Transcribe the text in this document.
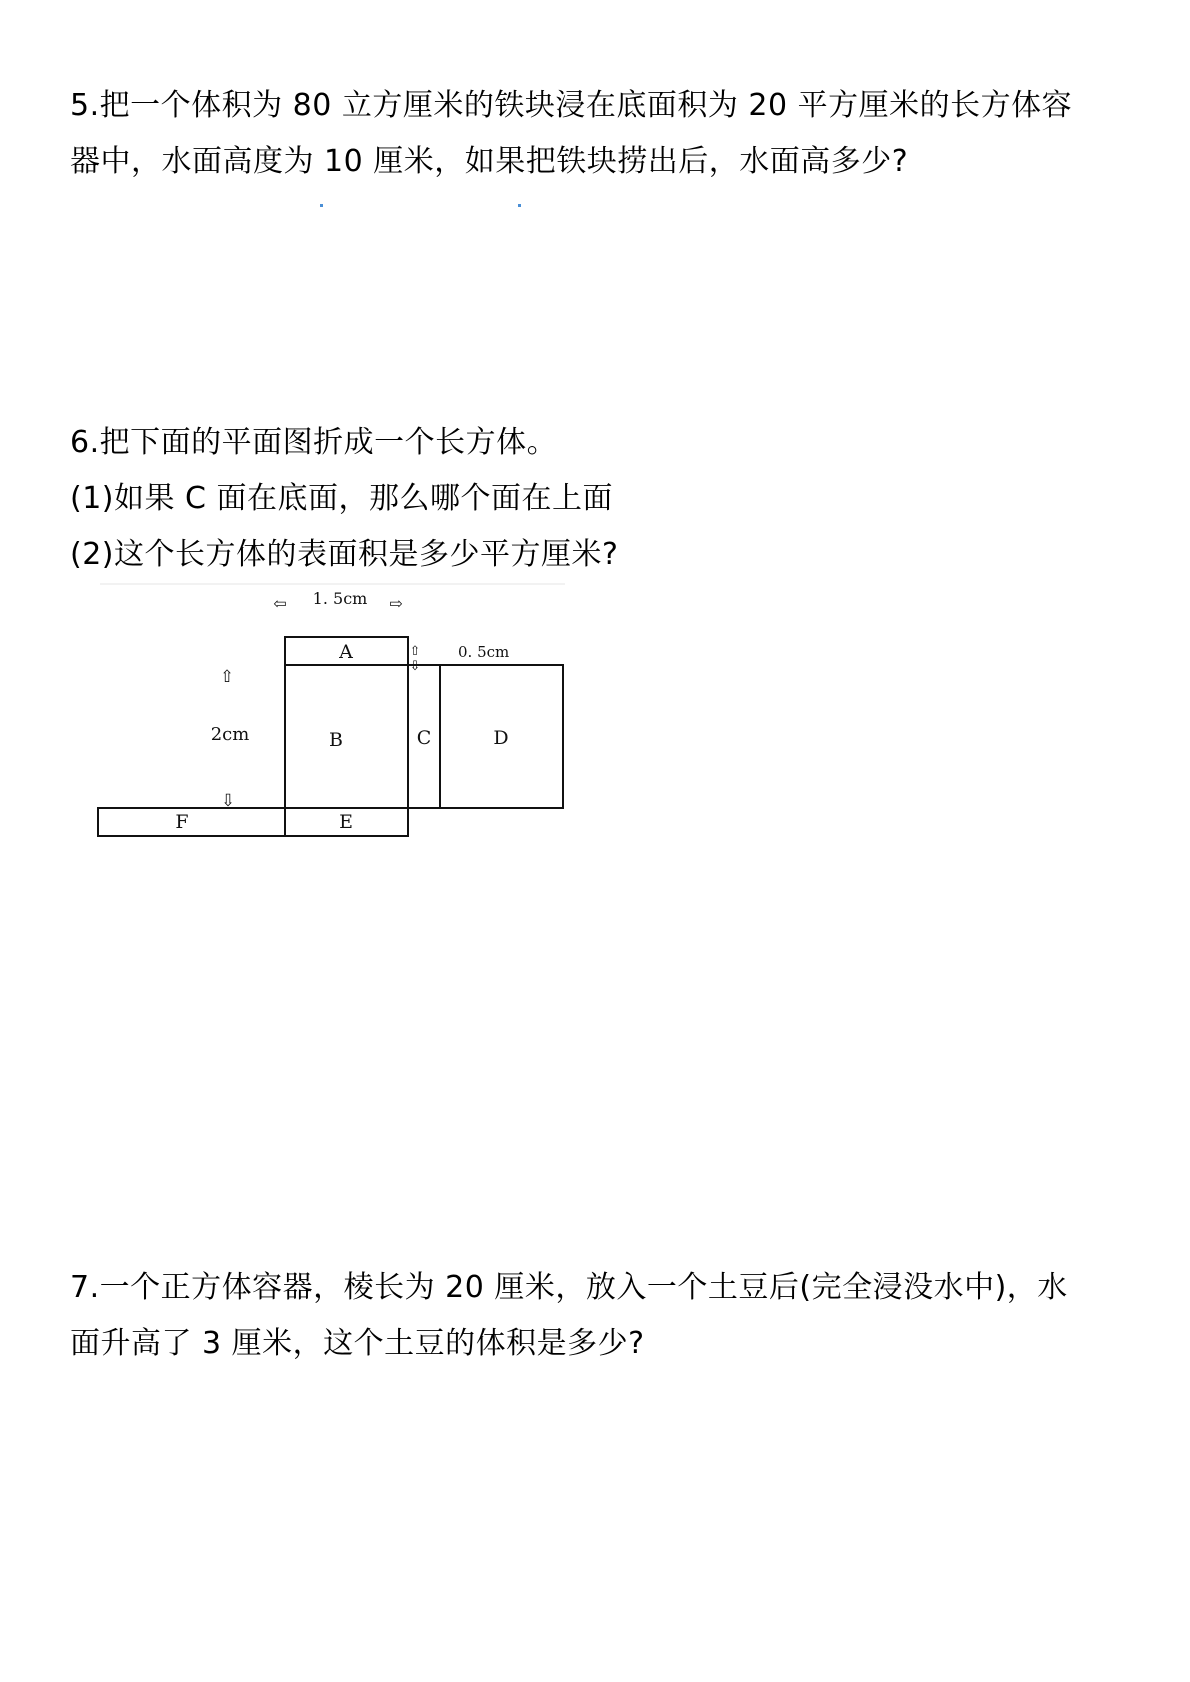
5.把一个体积为 80 立方厘米的铁块浸在底面积为 20 平方厘米的长方体容
器中，水面高度为 10 厘米，如果把铁块捞出后，水面高多少?
6.把下面的平面图折成一个长方体。
(1)如果 C 面在底面，那么哪个面在上面
(2)这个长方体的表面积是多少平方厘米?
⇦ 1. 5cm ⇨
A
B	C	D
F	E
⇧
⇩
0. 5cm
⇧
2cm
⇩
7.一个正方体容器，棱长为 20 厘米，放入一个土豆后(完全浸没水中)，水
面升高了 3 厘米，这个土豆的体积是多少?
